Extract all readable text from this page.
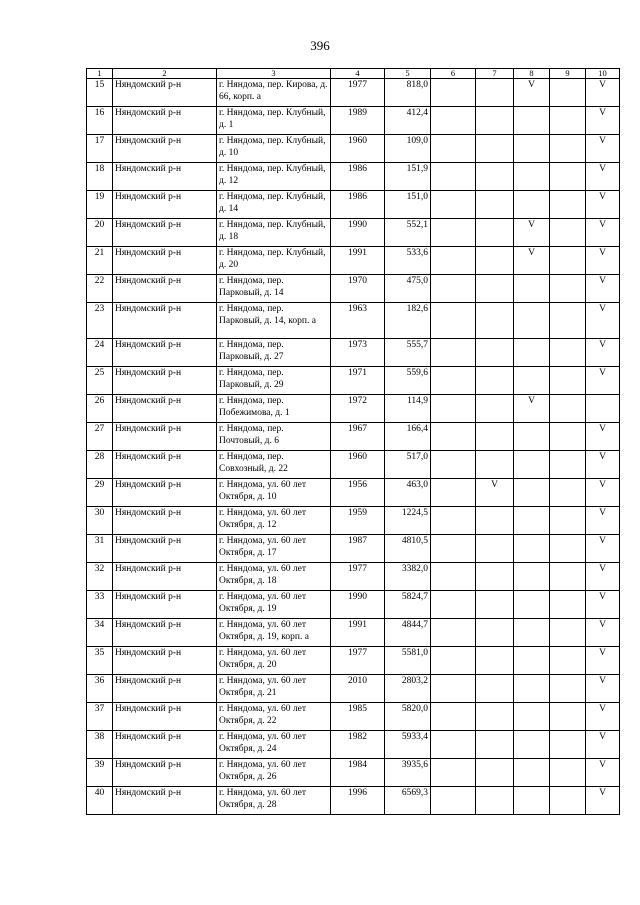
396
1	2	3	4	5	6	7	8	9	10
15	Няндомский р-н	г. Няндома, пер. Кирова, д. 66, корп. а	1977	818,0			V		V
16	Няндомский р-н	г. Няндома, пер. Клубный, д. 1	1989	412,4					V
17	Няндомский р-н	г. Няндома, пер. Клубный, д. 10	1960	109,0					V
18	Няндомский р-н	г. Няндома, пер. Клубный, д. 12	1986	151,9					V
19	Няндомский р-н	г. Няндома, пер. Клубный, д. 14	1986	151,0					V
20	Няндомский р-н	г. Няндома, пер. Клубный, д. 18	1990	552,1			V		V
21	Няндомский р-н	г. Няндома, пер. Клубный, д. 20	1991	533,6			V		V
22	Няндомский р-н	г. Няндома, пер. Парковый, д. 14	1970	475,0					V
23	Няндомский р-н	г. Няндома, пер. Парковый, д. 14, корп. а	1963	182,6					V
24	Няндомский р-н	г. Няндома, пер. Парковый, д. 27	1973	555,7					V
25	Няндомский р-н	г. Няндома, пер. Парковый, д. 29	1971	559,6					V
26	Няндомский р-н	г. Няндома, пер. Побежимова, д. 1	1972	114,9			V		
27	Няндомский р-н	г. Няндома, пер. Почтовый, д. 6	1967	166,4					V
28	Няндомский р-н	г. Няндома, пер. Совхозный, д. 22	1960	517,0					V
29	Няндомский р-н	г. Няндома, ул. 60 лет Октября, д. 10	1956	463,0		V			V
30	Няндомский р-н	г. Няндома, ул. 60 лет Октября, д. 12	1959	1224,5					V
31	Няндомский р-н	г. Няндома, ул. 60 лет Октября, д. 17	1987	4810,5					V
32	Няндомский р-н	г. Няндома, ул. 60 лет Октября, д. 18	1977	3382,0					V
33	Няндомский р-н	г. Няндома, ул. 60 лет Октября, д. 19	1990	5824,7					V
34	Няндомский р-н	г. Няндома, ул. 60 лет Октября, д. 19, корп. а	1991	4844,7					V
35	Няндомский р-н	г. Няндома, ул. 60 лет Октября, д. 20	1977	5581,0					V
36	Няндомский р-н	г. Няндома, ул. 60 лет Октября, д. 21	2010	2803,2					V
37	Няндомский р-н	г. Няндома, ул. 60 лет Октября, д. 22	1985	5820,0					V
38	Няндомский р-н	г. Няндома, ул. 60 лет Октября, д. 24	1982	5933,4					V
39	Няндомский р-н	г. Няндома, ул. 60 лет Октября, д. 26	1984	3935,6					V
40	Няндомский р-н	г. Няндома, ул. 60 лет Октября, д. 28	1996	6569,3					V
